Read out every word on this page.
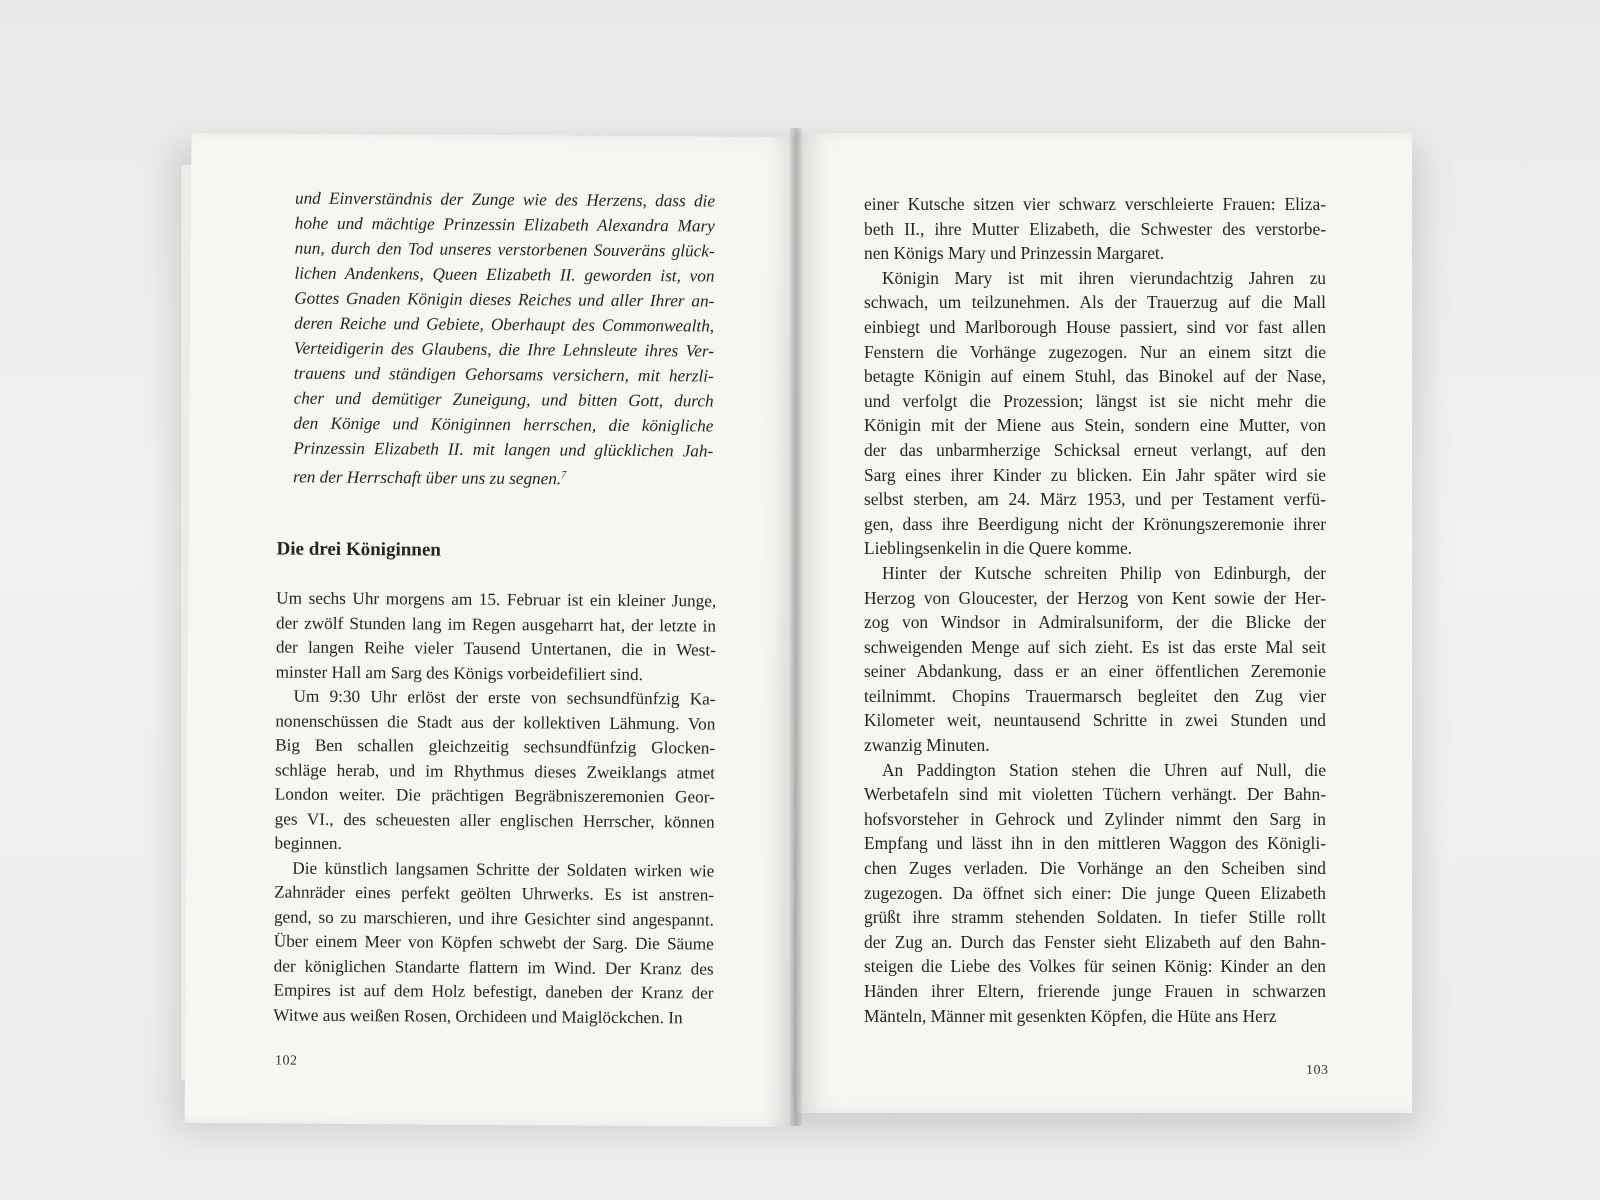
und Einverständnis der Zunge wie des Herzens, dass die
hohe und mächtige Prinzessin Elizabeth Alexandra Mary
nun, durch den Tod unseres verstorbenen Souveräns glück-
lichen Andenkens, Queen Elizabeth II. geworden ist, von
Gottes Gnaden Königin dieses Reiches und aller Ihrer an-
deren Reiche und Gebiete, Oberhaupt des Commonwealth,
Verteidigerin des Glaubens, die Ihre Lehnsleute ihres Ver-
trauens und ständigen Gehorsams versichern, mit herzli-
cher und demütiger Zuneigung, und bitten Gott, durch
den Könige und Königinnen herrschen, die königliche
Prinzessin Elizabeth II. mit langen und glücklichen Jah-
ren der Herrschaft über uns zu segnen.$^7$
Die drei Königinnen
Um sechs Uhr morgens am 15. Februar ist ein kleiner Junge,
der zwölf Stunden lang im Regen ausgeharrt hat, der letzte in
der langen Reihe vieler Tausend Untertanen, die in West-
minster Hall am Sarg des Königs vorbeidefiliert sind.
Um 9:30 Uhr erlöst der erste von sechsundfünfzig Ka-
nonenschüssen die Stadt aus der kollektiven Lähmung. Von
Big Ben schallen gleichzeitig sechsundfünfzig Glocken-
schläge herab, und im Rhythmus dieses Zweiklangs atmet
London weiter. Die prächtigen Begräbniszeremonien Geor-
ges VI., des scheuesten aller englischen Herrscher, können
beginnen.
Die künstlich langsamen Schritte der Soldaten wirken wie
Zahnräder eines perfekt geölten Uhrwerks. Es ist anstren-
gend, so zu marschieren, und ihre Gesichter sind angespannt.
Über einem Meer von Köpfen schwebt der Sarg. Die Säume
der königlichen Standarte flattern im Wind. Der Kranz des
Empires ist auf dem Holz befestigt, daneben der Kranz der
Witwe aus weißen Rosen, Orchideen und Maiglöckchen. In
102
einer Kutsche sitzen vier schwarz verschleierte Frauen: Eliza-
beth II., ihre Mutter Elizabeth, die Schwester des verstorbe-
nen Königs Mary und Prinzessin Margaret.
Königin Mary ist mit ihren vierundachtzig Jahren zu
schwach, um teilzunehmen. Als der Trauerzug auf die Mall
einbiegt und Marlborough House passiert, sind vor fast allen
Fenstern die Vorhänge zugezogen. Nur an einem sitzt die
betagte Königin auf einem Stuhl, das Binokel auf der Nase,
und verfolgt die Prozession; längst ist sie nicht mehr die
Königin mit der Miene aus Stein, sondern eine Mutter, von
der das unbarmherzige Schicksal erneut verlangt, auf den
Sarg eines ihrer Kinder zu blicken. Ein Jahr später wird sie
selbst sterben, am 24. März 1953, und per Testament verfü-
gen, dass ihre Beerdigung nicht der Krönungszeremonie ihrer
Lieblingsenkelin in die Quere komme.
Hinter der Kutsche schreiten Philip von Edinburgh, der
Herzog von Gloucester, der Herzog von Kent sowie der Her-
zog von Windsor in Admiralsuniform, der die Blicke der
schweigenden Menge auf sich zieht. Es ist das erste Mal seit
seiner Abdankung, dass er an einer öffentlichen Zeremonie
teilnimmt. Chopins Trauermarsch begleitet den Zug vier
Kilometer weit, neuntausend Schritte in zwei Stunden und
zwanzig Minuten.
An Paddington Station stehen die Uhren auf Null, die
Werbetafeln sind mit violetten Tüchern verhängt. Der Bahn-
hofsvorsteher in Gehrock und Zylinder nimmt den Sarg in
Empfang und lässt ihn in den mittleren Waggon des Königli-
chen Zuges verladen. Die Vorhänge an den Scheiben sind
zugezogen. Da öffnet sich einer: Die junge Queen Elizabeth
grüßt ihre stramm stehenden Soldaten. In tiefer Stille rollt
der Zug an. Durch das Fenster sieht Elizabeth auf den Bahn-
steigen die Liebe des Volkes für seinen König: Kinder an den
Händen ihrer Eltern, frierende junge Frauen in schwarzen
Mänteln, Männer mit gesenkten Köpfen, die Hüte ans Herz
103
